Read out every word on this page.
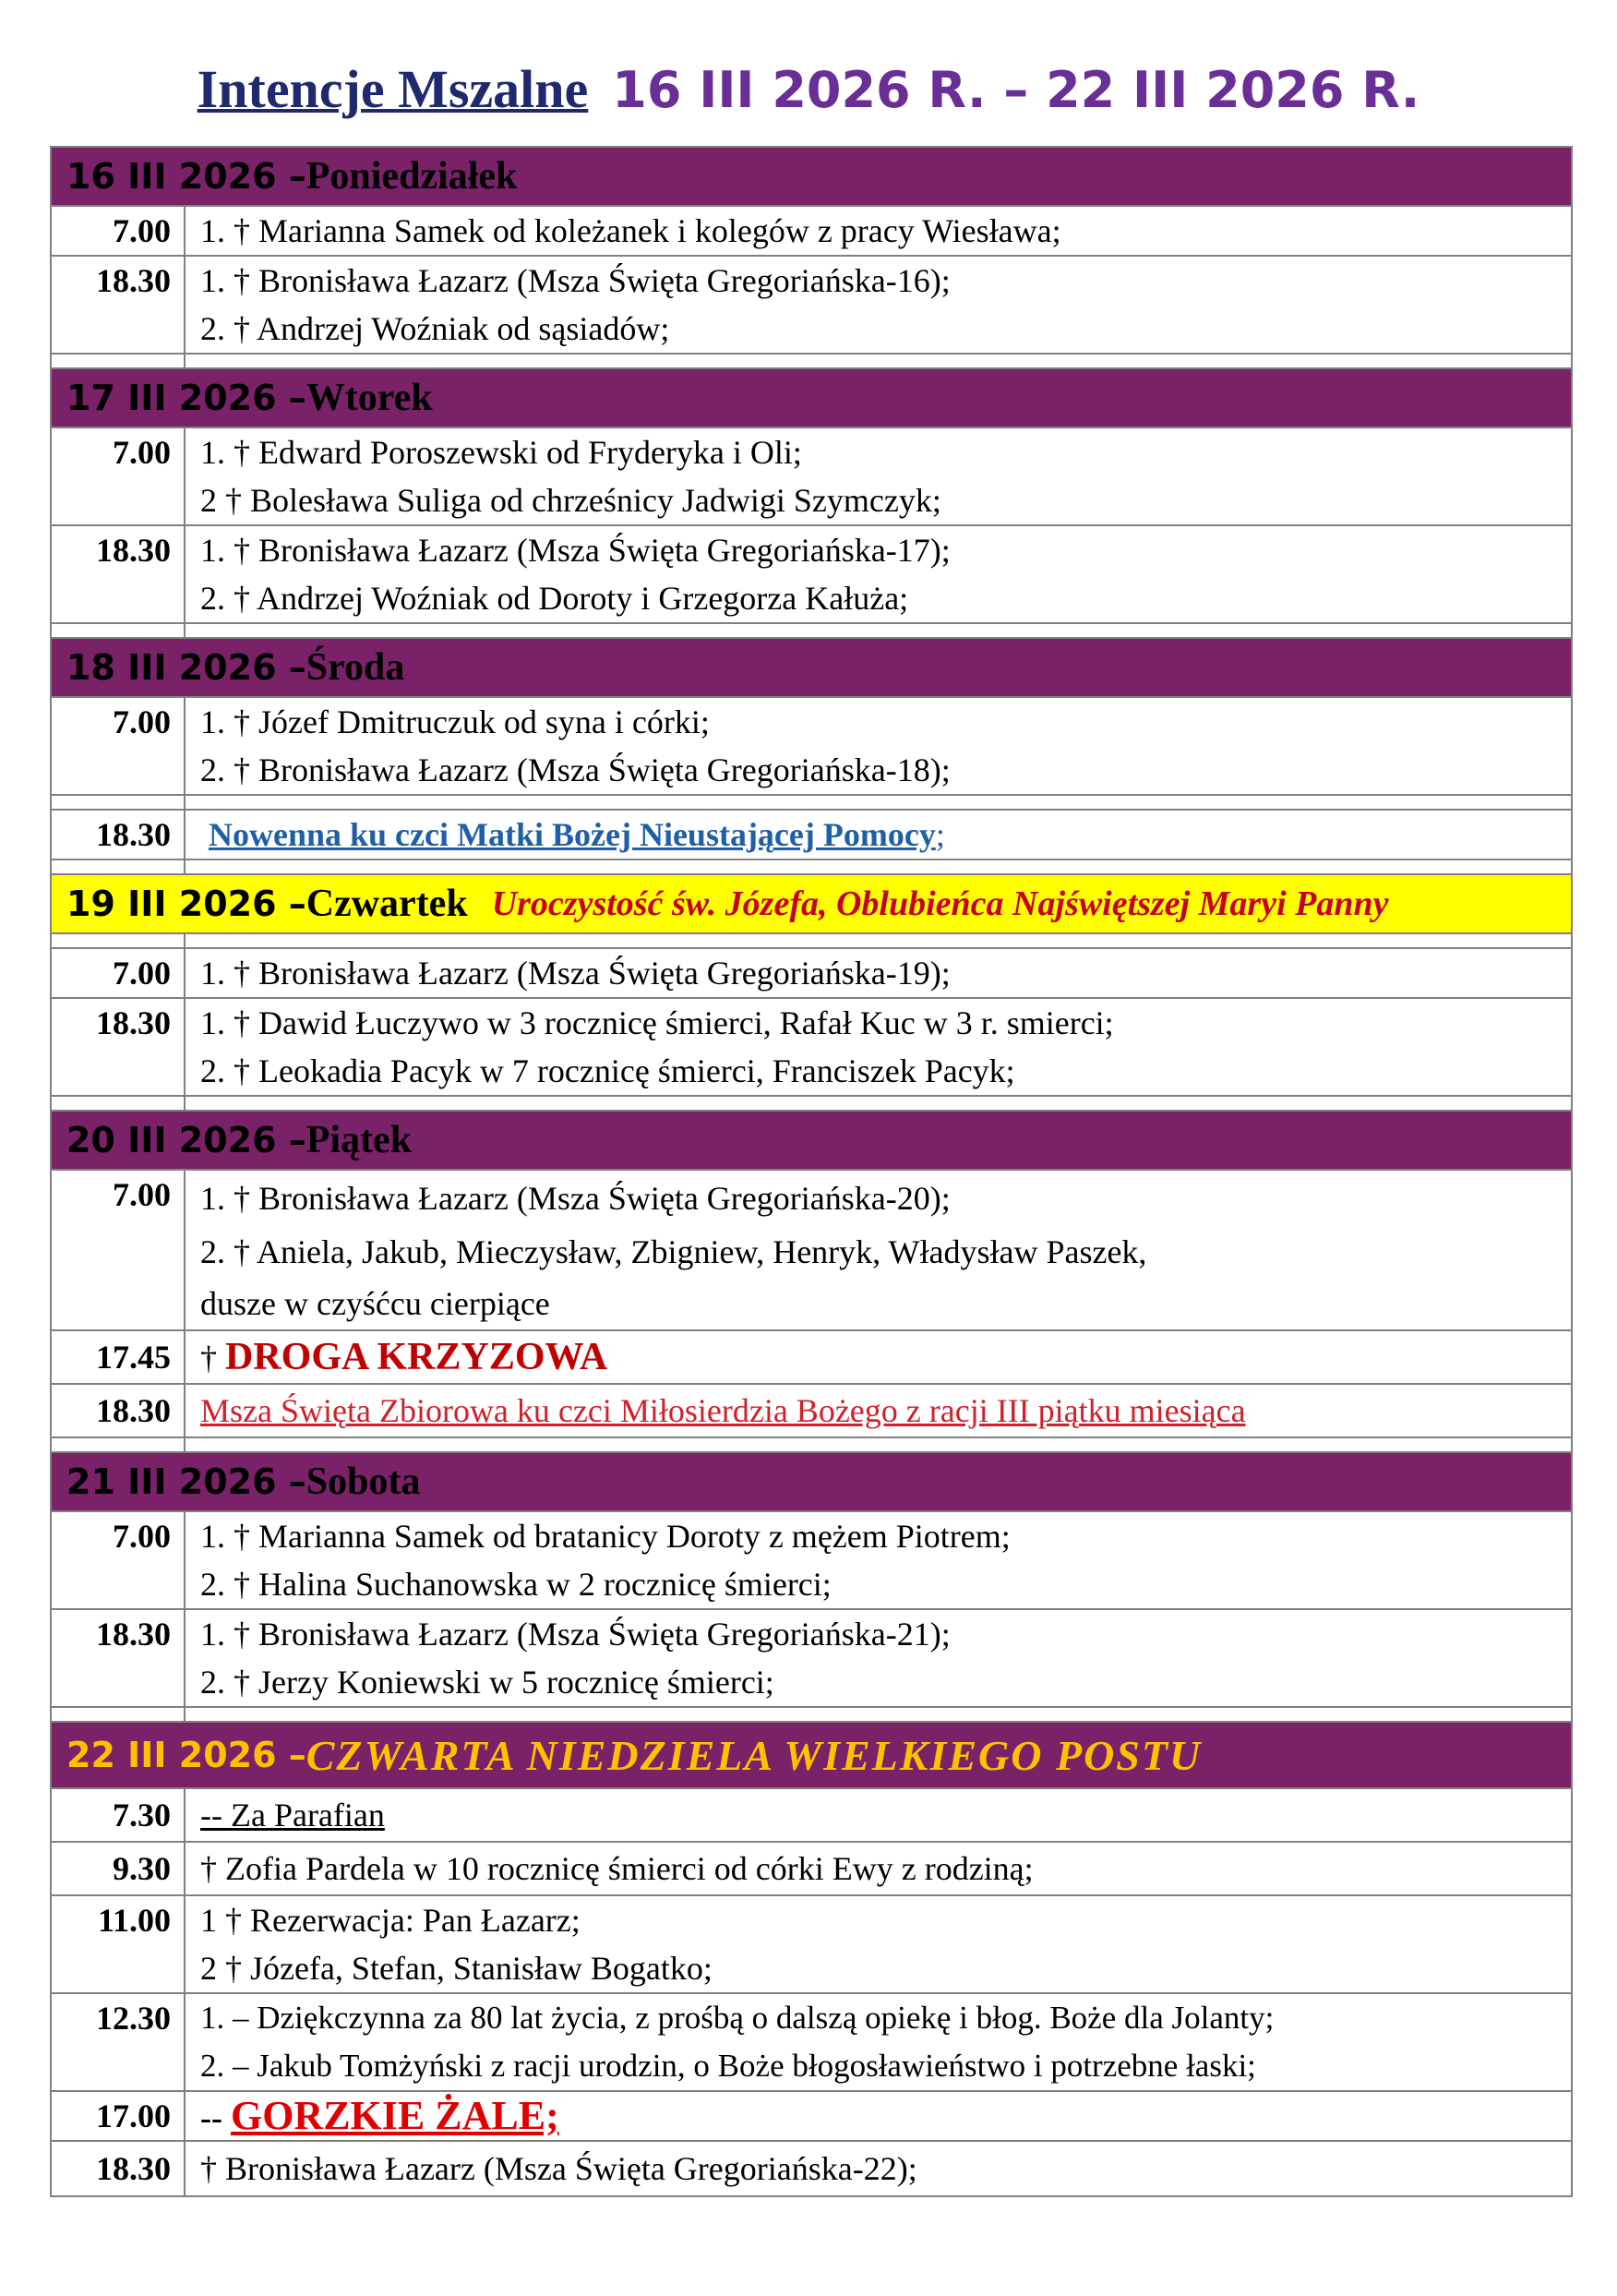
Intencje Mszalne 16 III 2026 R. – 22 III 2026 R.
16 III 2026 – Poniedziałek
7.00 1. † Marianna Samek od koleżanek i kolegów z pracy Wiesława;
18.30 1. † Bronisława Łazarz (Msza Święta Gregoriańska-16);
2. † Andrzej Woźniak od sąsiadów;
17 III 2026 – Wtorek
7.00 1. † Edward Poroszewski od Fryderyka i Oli;
2 † Bolesława Suliga od chrześnicy Jadwigi Szymczyk;
18.30 1. † Bronisława Łazarz (Msza Święta Gregoriańska-17);
2. † Andrzej Woźniak od Doroty i Grzegorza Kałuża;
18 III 2026 – Środa
7.00 1. † Józef Dmitruczuk od syna i córki;
2. † Bronisława Łazarz (Msza Święta Gregoriańska-18);
18.30	Nowenna ku czci Matki Bożej Nieustającej Pomocy;
19 III 2026 – Czwartek Uroczystość św. Józefa, Oblubieńca Najświętszej Maryi Panny
7.00 1. † Bronisława Łazarz (Msza Święta Gregoriańska-19);
18.30 1. † Dawid Łuczywo w 3 rocznicę śmierci, Rafał Kuc w 3 r. smierci;
2. † Leokadia Pacyk w 7 rocznicę śmierci, Franciszek Pacyk;
20 III 2026 – Piątek
7.00 1. † Bronisława Łazarz (Msza Święta Gregoriańska-20);
2. † Aniela, Jakub, Mieczysław, Zbigniew, Henryk, Władysław Paszek,
dusze w czyśćcu cierpiące
17.45 † DROGA KRZYZOWA
18.30 Msza Święta Zbiorowa ku czci Miłosierdzia Bożego z racji III piątku miesiąca
21 III 2026 – Sobota
7.00 1. † Marianna Samek od bratanicy Doroty z mężem Piotrem;
2. † Halina Suchanowska w 2 rocznicę śmierci;
18.30 1. † Bronisława Łazarz (Msza Święta Gregoriańska-21);
2. † Jerzy Koniewski w 5 rocznicę śmierci;
22 III 2026 – CZWARTA NIEDZIELA WIELKIEGO POSTU
7.30 -- Za Parafian
9.30 † Zofia Pardela w 10 rocznicę śmierci od córki Ewy z rodziną;
11.00 1 † Rezerwacja: Pan Łazarz;
2 † Józefa, Stefan, Stanisław Bogatko;
12.30 1. – Dziękczynna za 80 lat życia, z prośbą o dalszą opiekę i błog. Boże dla Jolanty;
2. – Jakub Tomżyński z racji urodzin, o Boże błogosławieństwo i potrzebne łaski;
17.00 -- GORZKIE ŻALE;
18.30 † Bronisława Łazarz (Msza Święta Gregoriańska-22);
